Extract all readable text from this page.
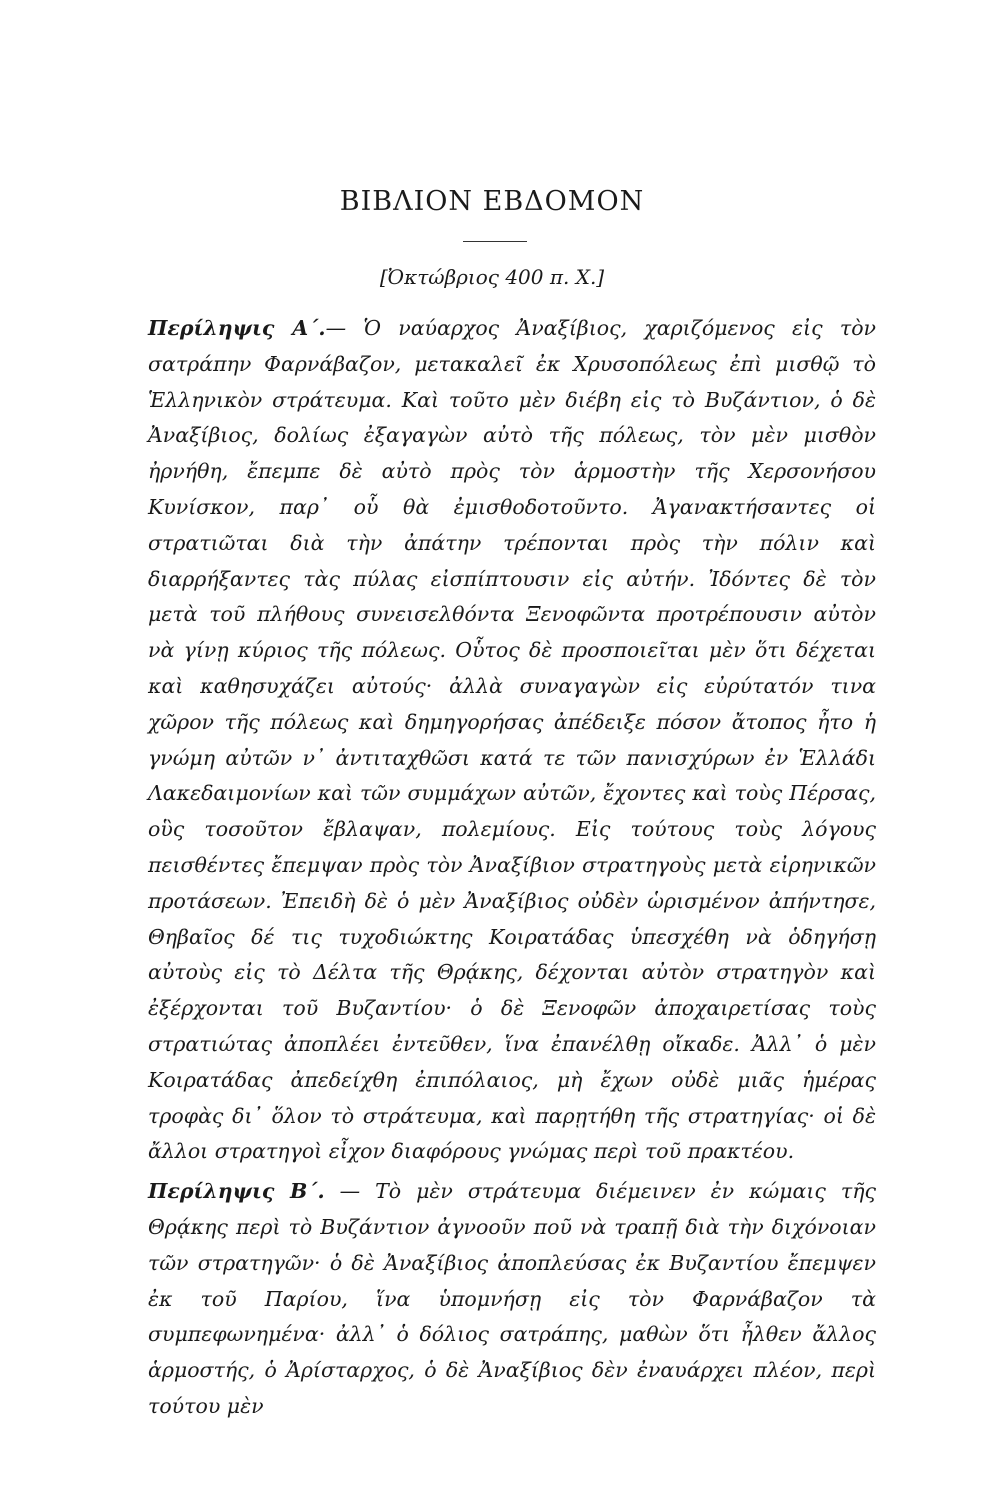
ΒΙΒΛΙΟΝ ΕΒΔΟΜΟΝ
[Ὀκτώβριος 400 π. Χ.]

Περίληψις Α΄.— Ὁ ναύαρχος Ἀναξίβιος, χαριζόμενος εἰς τὸν σατράπην Φαρνάβαζον, μετακαλεῖ ἐκ Χρυσοπόλεως ἐπὶ μισθῷ τὸ Ἑλληνικὸν στράτευμα. Καὶ τοῦτο μὲν διέβη εἰς τὸ Βυζάντιον, ὁ δὲ Ἀναξίβιος, δολίως ἐξαγαγὼν αὐτὸ τῆς πόλεως, τὸν μὲν μισθὸν ἠρνήθη, ἔπεμπε δὲ αὐτὸ πρὸς τὸν ἁρμοστὴν τῆς Χερσονήσου Κυνίσκον, παρ᾽ οὗ θὰ ἐμισθοδοτοῦντο. Ἀγανακτήσαντες οἱ στρατιῶται διὰ τὴν ἀπάτην τρέπονται πρὸς τὴν πόλιν καὶ διαρρήξαντες τὰς πύλας εἰσπίπτουσιν εἰς αὐτήν. Ἰδόντες δὲ τὸν μετὰ τοῦ πλήθους συνεισελθόντα Ξενοφῶντα προτρέπουσιν αὐτὸν νὰ γίνῃ κύριος τῆς πόλεως. Οὗτος δὲ προσποιεῖται μὲν ὅτι δέχεται καὶ καθησυχάζει αὐτούς· ἀλλὰ συναγαγὼν εἰς εὐρύτατόν τινα χῶρον τῆς πόλεως καὶ δημηγορήσας ἀπέδειξε πόσον ἄτοπος ἦτο ἡ γνώμη αὐτῶν ν᾽ ἀντιταχθῶσι κατά τε τῶν πανισχύρων ἐν Ἑλλάδι Λακεδαιμονίων καὶ τῶν συμμάχων αὐτῶν, ἔχοντες καὶ τοὺς Πέρσας, οὓς τοσοῦτον ἔβλαψαν, πολεμίους. Εἰς τούτους τοὺς λόγους πεισθέντες ἔπεμψαν πρὸς τὸν Ἀναξίβιον στρατηγοὺς μετὰ εἰρηνικῶν προτάσεων. Ἐπειδὴ δὲ ὁ μὲν Ἀναξίβιος οὐδὲν ὡρισμένον ἀπήντησε, Θηβαῖος δέ τις τυχοδιώκτης Κοιρατάδας ὑπεσχέθη νὰ ὁδηγήσῃ αὐτοὺς εἰς τὸ Δέλτα τῆς Θρᾴκης, δέχονται αὐτὸν στρατηγὸν καὶ ἐξέρχονται τοῦ Βυζαντίου· ὁ δὲ Ξενοφῶν ἀποχαιρετίσας τοὺς στρατιώτας ἀποπλέει ἐντεῦθεν, ἵνα ἐπανέλθῃ οἴκαδε. Ἀλλ᾽ ὁ μὲν Κοιρατάδας ἀπεδείχθη ἐπιπόλαιος, μὴ ἔχων οὐδὲ μιᾶς ἡμέρας τροφὰς δι᾽ ὅλον τὸ στράτευμα, καὶ παρῃτήθη τῆς στρατηγίας· οἱ δὲ ἄλλοι στρατηγοὶ εἶχον διαφόρους γνώμας περὶ τοῦ πρακτέου.

Περίληψις Β΄. — Τὸ μὲν στράτευμα διέμεινεν ἐν κώμαις τῆς Θρᾴκης περὶ τὸ Βυζάντιον ἀγνοοῦν ποῦ νὰ τραπῇ διὰ τὴν διχόνοιαν τῶν στρατηγῶν· ὁ δὲ Ἀναξίβιος ἀποπλεύσας ἐκ Βυζαντίου ἔπεμψεν ἐκ τοῦ Παρίου, ἵνα ὑπομνήσῃ εἰς τὸν Φαρνάβαζον τὰ συμπεφωνημένα· ἀλλ᾽ ὁ δόλιος σατράπης, μαθὼν ὅτι ἦλθεν ἄλλος ἁρμοστής, ὁ Ἀρίσταρχος, ὁ δὲ Ἀναξίβιος δὲν ἐναυάρχει πλέον, περὶ τούτου μὲν
